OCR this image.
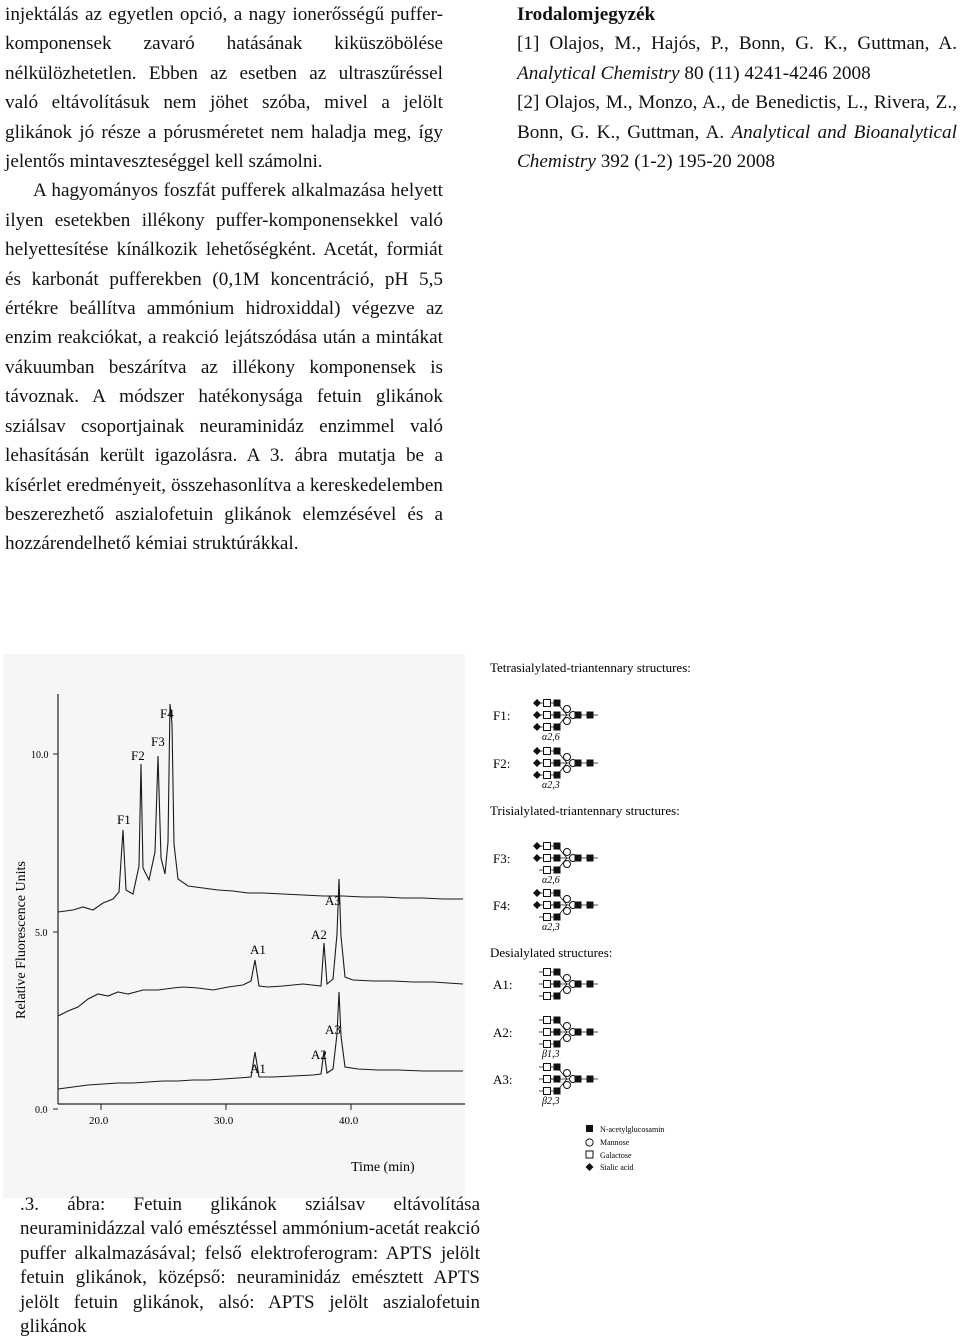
injektálás az egyetlen opció, a nagy ionerősségű puffer-komponensek zavaró hatásának kiküszöbölése nélkülözhetetlen. Ebben az esetben az ultraszűréssel való eltávolításuk nem jöhet szóba, mivel a jelölt glikánok jó része a pórusméretet nem haladja meg, így jelentős mintaveszteséggel kell számolni.

A hagyományos foszfát pufferek alkalmazása helyett ilyen esetekben illékony puffer-komponensekkel való helyettesítése kínálkozik lehetőségként. Acetát, formiát és karbonát pufferekben (0,1M koncentráció, pH 5,5 értékre beállítva ammónium hidroxiddal) végezve az enzim reakciókat, a reakció lejátszódása után a mintákat vákuumban beszárítva az illékony komponensek is távoznak. A módszer hatékonysága fetuin glikánok sziálsav csoportjainak neuraminidáz enzimmel való lehasításán került igazolásra. A 3. ábra mutatja be a kísérlet eredményeit, összehasonlítva a kereskedelemben beszerezhető aszialofetuin glikánok elemzésével és a hozzárendelhető kémiai struktúrákkal.

Irodalomjegyzék

[1] Olajos, M., Hajós, P., Bonn, G. K., Guttman, A. Analytical Chemistry 80 (11) 4241-4246 2008

[2] Olajos, M., Monzo, A., de Benedictis, L., Rivera, Z., Bonn, G. K., Guttman, A. Analytical and Bioanalytical Chemistry 392 (1-2) 195-20 2008

10.0
5.0
0.0
20.0	30.0	40.0
Time (min)
Relative Fluorescence Units
F1
F2
F3
F4
A1
A2
A3
A1
A2
A3
Tetrasialylated-triantennary structures:
Trisialylated-triantennary structures:
Desialylated structures:
F1:
α2,6
F2:
α2,3
F3:
α2,6
F4:
α2,3
A1:
A2:
β1,3
A3:
β2,3
N-acetylglucosamin
Mannose
Galactose
Sialic acid

.3. ábra: Fetuin glikánok sziálsav eltávolítása neuraminidázzal való emésztéssel ammónium-acetát reakció puffer alkalmazásával; felső elektroferogram: APTS jelölt fetuin glikánok, középső: neuraminidáz emésztett APTS jelölt fetuin glikánok, alsó: APTS jelölt aszialofetuin glikánok
